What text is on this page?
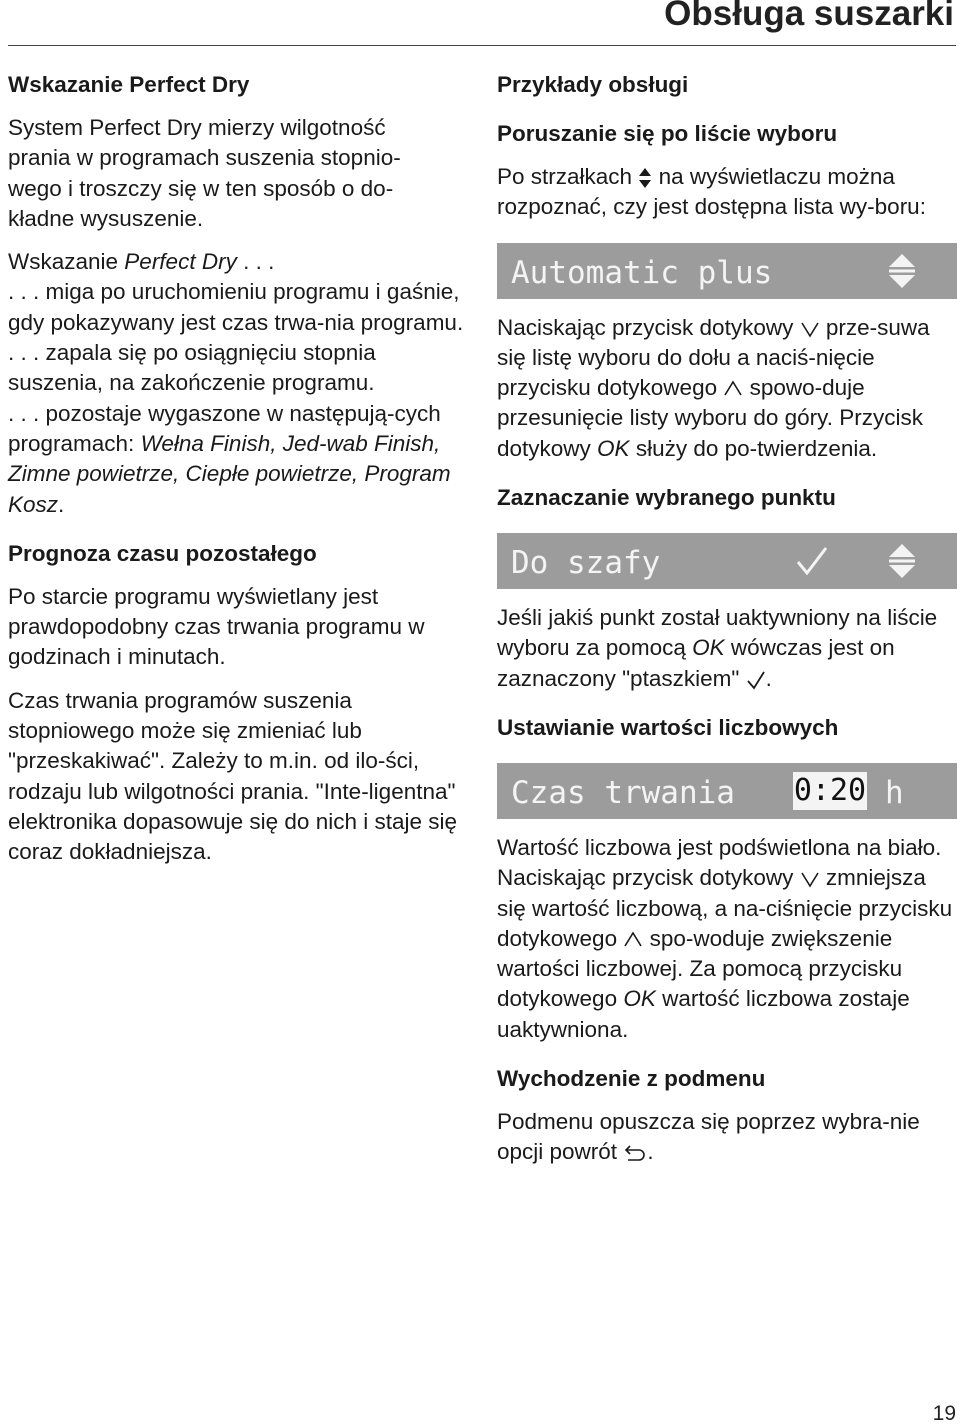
Obsługa suszarki
Wskazanie Perfect Dry

System Perfect Dry mierzy wilgotność prania w programach suszenia stopnio-wego i troszczy się w ten sposób o do-kładne wysuszenie.

Wskazanie Perfect Dry . . .

. . . miga po uruchomieniu programu i gaśnie, gdy pokazywany jest czas trwa-nia programu.

. . . zapala się po osiągnięciu stopnia suszenia, na zakończenie programu.

. . . pozostaje wygaszone w następują-cych programach: Wełna Finish, Jed-wab Finish, Zimne powietrze, Ciepłe powietrze, Program Kosz.

Prognoza czasu pozostałego

Po starcie programu wyświetlany jest prawdopodobny czas trwania programu w godzinach i minutach.

Czas trwania programów suszenia stopniowego może się zmieniać lub "przeskakiwać". Zależy to m.in. od ilo-ści, rodzaju lub wilgotności prania. "Inte-ligentna" elektronika dopasowuje się do nich i staje się coraz dokładniejsza.

Przykłady obsługi
Poruszanie się po liście wyboru

Po strzałkach  na wyświetlaczu można rozpoznać, czy jest dostępna lista wy-boru:

Automatic plus

Naciskając przycisk dotykowy  prze-suwa się listę wyboru do dołu a naciś-nięcie przycisku dotykowego  spowo-duje przesunięcie listy wyboru do góry. Przycisk dotykowy OK służy do po-twierdzenia.

Zaznaczanie wybranego punktu
Do szafy

Jeśli jakiś punkt został uaktywniony na liście wyboru za pomocą OK wówczas jest on zaznaczony "ptaszkiem" .

Ustawianie wartości liczbowych
Czas trwania 0:20 h

Wartość liczbowa jest podświetlona na biało. Naciskając przycisk dotykowy  zmniejsza się wartość liczbową, a na-ciśnięcie przycisku dotykowego  spo-woduje zwiększenie wartości liczbowej. Za pomocą przycisku dotykowego OK wartość liczbowa zostaje uaktywniona.

Wychodzenie z podmenu

Podmenu opuszcza się poprzez wybra-nie opcji powrót .

19
